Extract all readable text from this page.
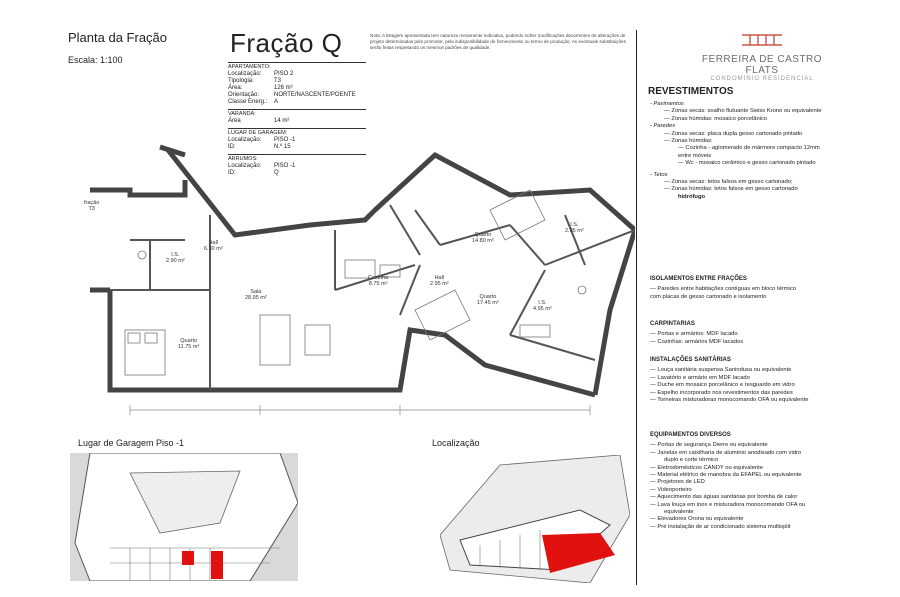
Planta da Fração
Escala: 1:100
Fração Q	Nota: A listagem apresentada tem natureza meramente indicativa, podendo sofrer modificações decorrentes de alterações de projeto determinadas pelo promotor, pela indisponibilidade de fornecimento ou termo de produção. As eventuais substituições serão feitas respeitando os mesmos padrões de qualidade.
APARTAMENTO:
Localização:	PISO 2
Tipologia:	T3
Área:	126 m²
Orientação:	NORTE/NASCENTE/POENTE
Classe Energ.:	A
VARANDA:
Área	14 m²
LUGAR DE GARAGEM:
Localização:	PISO -1
ID:	N.º 15
ARRUMOS:
Localização:	PISO -1
ID:	Q
Quarto
11.75 m²
Sala
28.95 m²
Hall
6.30 m²
I.S.
2.90 m²
Cozinha
8.75 m²
Hall
2.95 m²
Quarto
14.80 m²
Quarto
17.45 m²
I.S.
2.95 m²
I.S.
4.95 m²
fração
T3
Lugar de Garagem Piso -1	Localização
FERREIRA DE CASTRO FLATS
CONDOMINIO RESIDENCIAL
REVESTIMENTOS
- Pavimentos
— Zonas secas: soalho flutuante Swiss Krono ou equivalente
— Zonas húmidas: mosaico porcelânico
- Paredes
— Zonas secas: placa dupla gesso cartonado pintado
— Zonas húmidas:
— Cozinha - aglomerado de mármore compacto 12mm
entre móveis
— Wc - mosaico cerâmico e gesso cartonado pintado
- Tetos
— Zonas secas: tetos falsos em gesso cartonado;
— Zonas húmidas: tetos falsos em gesso cartonado
hidrófugo
ISOLAMENTOS ENTRE FRAÇÕES
— Paredes entre habitações contíguas em bloco térmico
com placas de gesso cartonado e isolamento
CARPINTARIAS
— Portas e armários: MDF lacado
— Cozinhas: armários MDF lacados
INSTALAÇÕES SANITÁRIAS
— Louça sanitária suspensa Sanindusa ou equivalente
— Lavatório e armário em MDF lacado
— Duche em mosaico porcelânico e resguardo em vidro
— Espelho incorporado nos revestimentos das paredes
— Torneiras misturadoras monocomando OFA ou equivalente
EQUIPAMENTOS DIVERSOS
— Portas de segurança Dierre ou equivalente
— Janelas em caixilharia de alumínio anodisado com vidro
duplo e corte térmico
— Eletrodomésticos CANDY ou equivalente
— Material elétrico de manobra da EFAPEL ou equivalente
— Projetores de LED
— Videoporteiro
— Aquecimento das águas sanitárias por bomba de calor
— Lava louça em inox e misturadora monocomando OFA ou
equivalente
— Elevadores Orona ou equivalente
— Pré instalação de ar condicionado sistema multisplit
